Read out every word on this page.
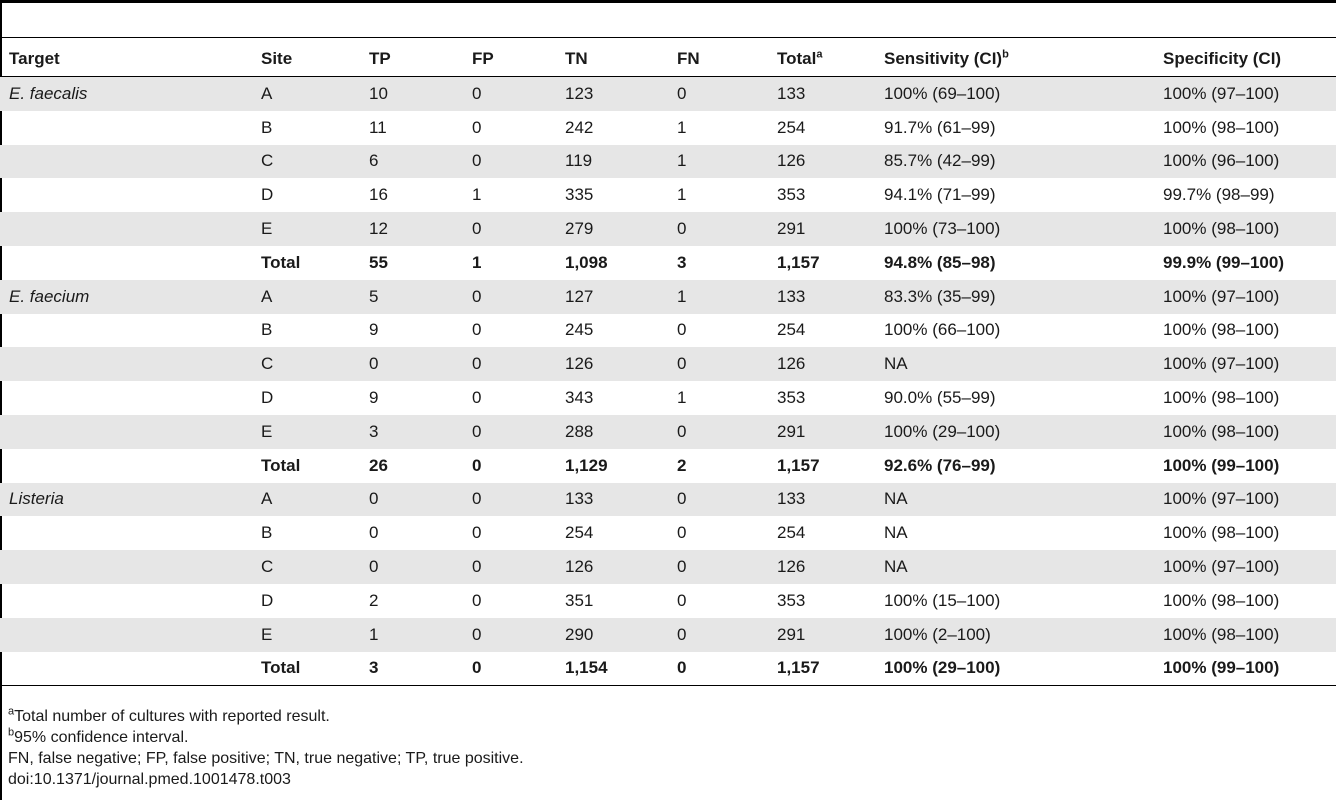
Target	Site	TP	FP	TN	FN	Total$^a$	Sensitivity (CI)$^b$	Specificity (CI)
E. faecalis	A	10	0	123	0	133	100% (69–100)	100% (97–100)
	B	11	0	242	1	254	91.7% (61–99)	100% (98–100)
	C	6	0	119	1	126	85.7% (42–99)	100% (96–100)
	D	16	1	335	1	353	94.1% (71–99)	99.7% (98–99)
	E	12	0	279	0	291	100% (73–100)	100% (98–100)
	Total	55	1	1,098	3	1,157	94.8% (85–98)	99.9% (99–100)
E. faecium	A	5	0	127	1	133	83.3% (35–99)	100% (97–100)
	B	9	0	245	0	254	100% (66–100)	100% (98–100)
	C	0	0	126	0	126	NA	100% (97–100)
	D	9	0	343	1	353	90.0% (55–99)	100% (98–100)
	E	3	0	288	0	291	100% (29–100)	100% (98–100)
	Total	26	0	1,129	2	1,157	92.6% (76–99)	100% (99–100)
Listeria	A	0	0	133	0	133	NA	100% (97–100)
	B	0	0	254	0	254	NA	100% (98–100)
	C	0	0	126	0	126	NA	100% (97–100)
	D	2	0	351	0	353	100% (15–100)	100% (98–100)
	E	1	0	290	0	291	100% (2–100)	100% (98–100)
	Total	3	0	1,154	0	1,157	100% (29–100)	100% (99–100)
$^a$Total number of cultures with reported result.
$^b$95% confidence interval.
FN, false negative; FP, false positive; TN, true negative; TP, true positive.
doi:10.1371/journal.pmed.1001478.t003
